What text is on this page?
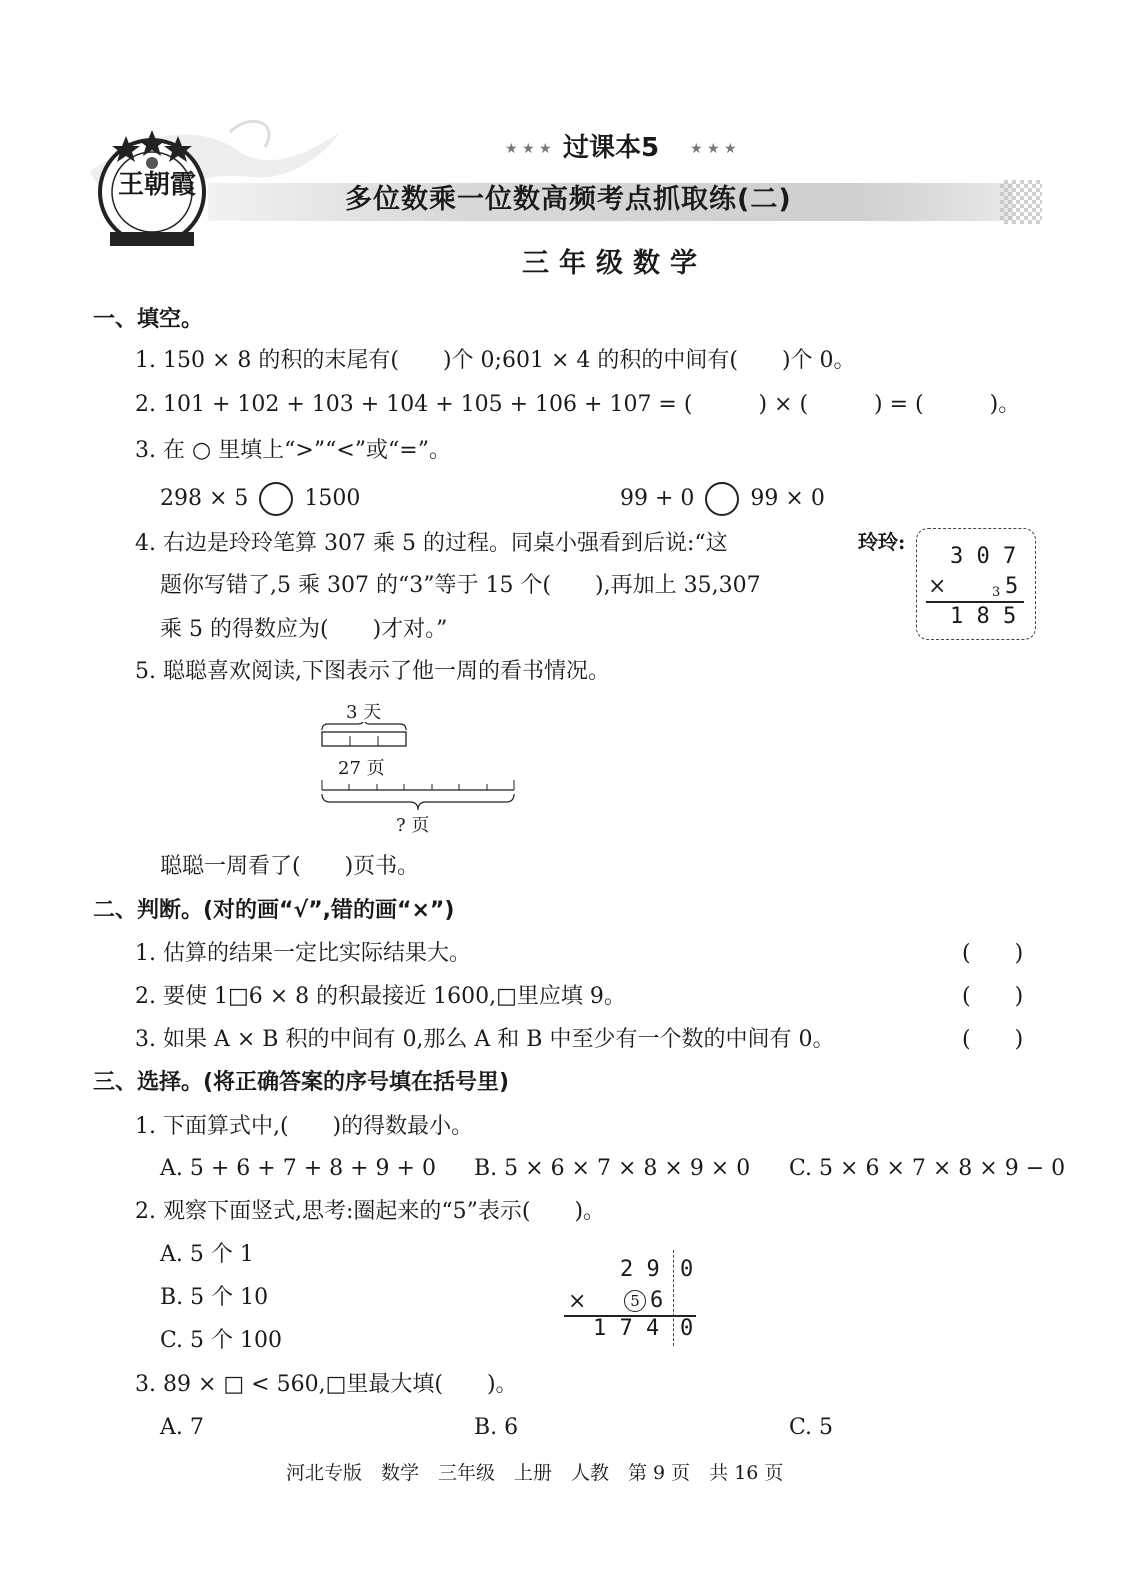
王朝霞
★ ★ ★ 过课本5 ★ ★ ★
多位数乘一位数高频考点抓取练(二)
三年级数学
一、填空。
1. 150 × 8 的积的末尾有(　　)个 0;601 × 4 的积的中间有(　　)个 0。
2. 101 + 102 + 103 + 104 + 105 + 106 + 107 = (　　　) × (　　　) = (　　　)。
3. 在 ○ 里填上“>”“<”或“=”。
298 × 5	1500	99 + 0	99 × 0
4. 右边是玲玲笔算 307 乘 5 的过程。同桌小强看到后说:“这
题你写错了,5 乘 307 的“3”等于 15 个(　　),再加上 35,307
乘 5 的得数应为(　　)才对。”
玲玲:
3 0 7
×	3 5
1 8 5
5. 聪聪喜欢阅读,下图表示了他一周的看书情况。
3 天
27 页
? 页
聪聪一周看了(　　)页书。
二、判断。(对的画“√”,错的画“×”)
1. 估算的结果一定比实际结果大。	(　　)
2. 要使 1□6 × 8 的积最接近 1600,□里应填 9。	(　　)
3. 如果 A × B 积的中间有 0,那么 A 和 B 中至少有一个数的中间有 0。	(　　)
三、选择。(将正确答案的序号填在括号里)
1. 下面算式中,(　　)的得数最小。
A. 5 + 6 + 7 + 8 + 9 + 0 B. 5 × 6 × 7 × 8 × 9 × 0 C. 5 × 6 × 7 × 8 × 9 − 0
2. 观察下面竖式,思考:圈起来的“5”表示(　　)。
A. 5 个 1
B. 5 个 10
C. 5 个 100
2 9 0
×	5 6
1 7 4 0
3. 89 × □ < 560,□里最大填(　　)。
A. 7	B. 6	C. 5
河北专版　数学　三年级　上册　人教　第 9 页　共 16 页
